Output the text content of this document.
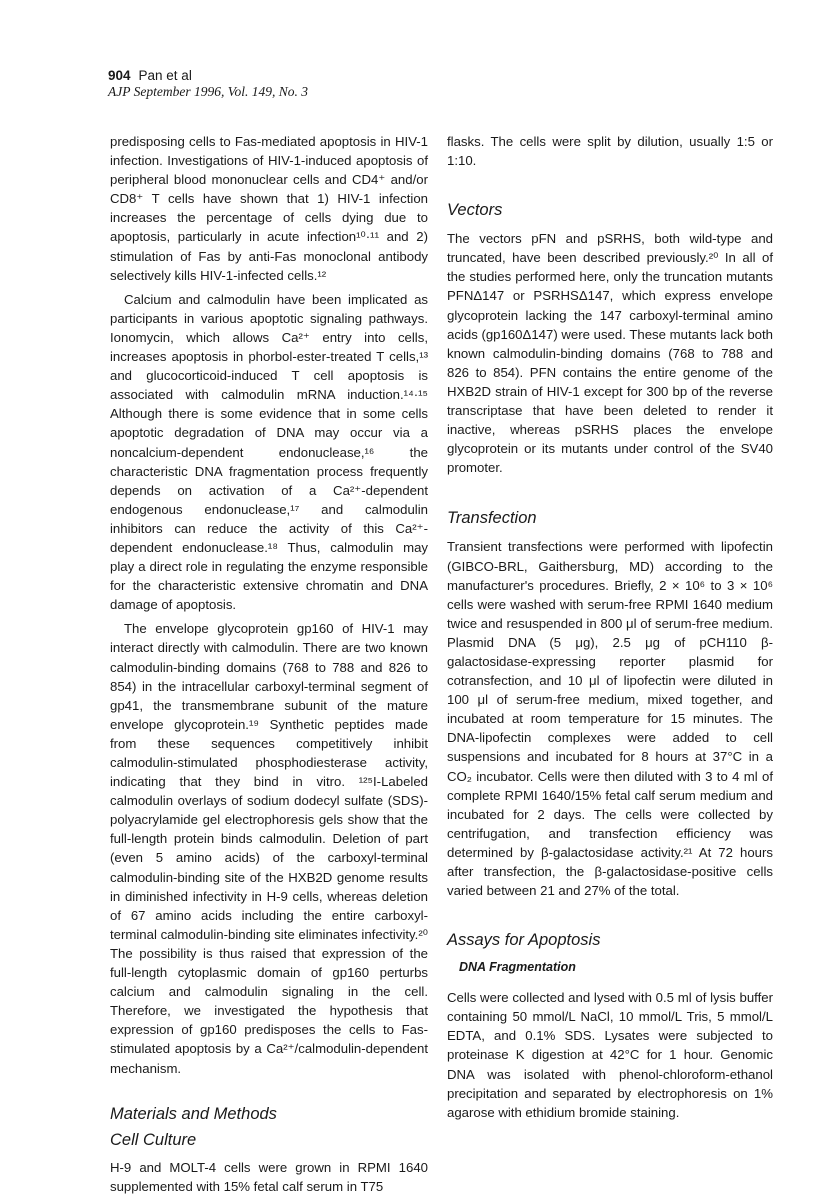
904 Pan et al
AJP September 1996, Vol. 149, No. 3

predisposing cells to Fas-mediated apoptosis in HIV-1 infection. Investigations of HIV-1-induced apoptosis of peripheral blood mononuclear cells and CD4⁺ and/or CD8⁺ T cells have shown that 1) HIV-1 infection increases the percentage of cells dying due to apoptosis, particularly in acute infection¹⁰·¹¹ and 2) stimulation of Fas by anti-Fas monoclonal antibody selectively kills HIV-1-infected cells.¹²

Calcium and calmodulin have been implicated as participants in various apoptotic signaling pathways. Ionomycin, which allows Ca²⁺ entry into cells, increases apoptosis in phorbol-ester-treated T cells,¹³ and glucocorticoid-induced T cell apoptosis is associated with calmodulin mRNA induction.¹⁴·¹⁵ Although there is some evidence that in some cells apoptotic degradation of DNA may occur via a noncalcium-dependent endonuclease,¹⁶ the characteristic DNA fragmentation process frequently depends on activation of a Ca²⁺-dependent endogenous endonuclease,¹⁷ and calmodulin inhibitors can reduce the activity of this Ca²⁺-dependent endonuclease.¹⁸ Thus, calmodulin may play a direct role in regulating the enzyme responsible for the characteristic extensive chromatin and DNA damage of apoptosis.

The envelope glycoprotein gp160 of HIV-1 may interact directly with calmodulin. There are two known calmodulin-binding domains (768 to 788 and 826 to 854) in the intracellular carboxyl-terminal segment of gp41, the transmembrane subunit of the mature envelope glycoprotein.¹⁹ Synthetic peptides made from these sequences competitively inhibit calmodulin-stimulated phosphodiesterase activity, indicating that they bind in vitro. ¹²⁵I-Labeled calmodulin overlays of sodium dodecyl sulfate (SDS)-polyacrylamide gel electrophoresis gels show that the full-length protein binds calmodulin. Deletion of part (even 5 amino acids) of the carboxyl-terminal calmodulin-binding site of the HXB2D genome results in diminished infectivity in H-9 cells, whereas deletion of 67 amino acids including the entire carboxyl-terminal calmodulin-binding site eliminates infectivity.²⁰ The possibility is thus raised that expression of the full-length cytoplasmic domain of gp160 perturbs calcium and calmodulin signaling in the cell. Therefore, we investigated the hypothesis that expression of gp160 predisposes the cells to Fas-stimulated apoptosis by a Ca²⁺/calmodulin-dependent mechanism.

Materials and Methods
Cell Culture

H-9 and MOLT-4 cells were grown in RPMI 1640 supplemented with 15% fetal calf serum in T75

flasks. The cells were split by dilution, usually 1:5 or 1:10.

Vectors

The vectors pFN and pSRHS, both wild-type and truncated, have been described previously.²⁰ In all of the studies performed here, only the truncation mutants PFNΔ147 or PSRHSΔ147, which express envelope glycoprotein lacking the 147 carboxyl-terminal amino acids (gp160Δ147) were used. These mutants lack both known calmodulin-binding domains (768 to 788 and 826 to 854). PFN contains the entire genome of the HXB2D strain of HIV-1 except for 300 bp of the reverse transcriptase that have been deleted to render it inactive, whereas pSRHS places the envelope glycoprotein or its mutants under control of the SV40 promoter.

Transfection

Transient transfections were performed with lipofectin (GIBCO-BRL, Gaithersburg, MD) according to the manufacturer's procedures. Briefly, 2 × 10⁶ to 3 × 10⁶ cells were washed with serum-free RPMI 1640 medium twice and resuspended in 800 μl of serum-free medium. Plasmid DNA (5 μg), 2.5 μg of pCH110 β-galactosidase-expressing reporter plasmid for cotransfection, and 10 μl of lipofectin were diluted in 100 μl of serum-free medium, mixed together, and incubated at room temperature for 15 minutes. The DNA-lipofectin complexes were added to cell suspensions and incubated for 8 hours at 37°C in a CO₂ incubator. Cells were then diluted with 3 to 4 ml of complete RPMI 1640/15% fetal calf serum medium and incubated for 2 days. The cells were collected by centrifugation, and transfection efficiency was determined by β-galactosidase activity.²¹ At 72 hours after transfection, the β-galactosidase-positive cells varied between 21 and 27% of the total.

Assays for Apoptosis
DNA Fragmentation

Cells were collected and lysed with 0.5 ml of lysis buffer containing 50 mmol/L NaCl, 10 mmol/L Tris, 5 mmol/L EDTA, and 0.1% SDS. Lysates were subjected to proteinase K digestion at 42°C for 1 hour. Genomic DNA was isolated with phenol-chloroform-ethanol precipitation and separated by electrophoresis on 1% agarose with ethidium bromide staining.
